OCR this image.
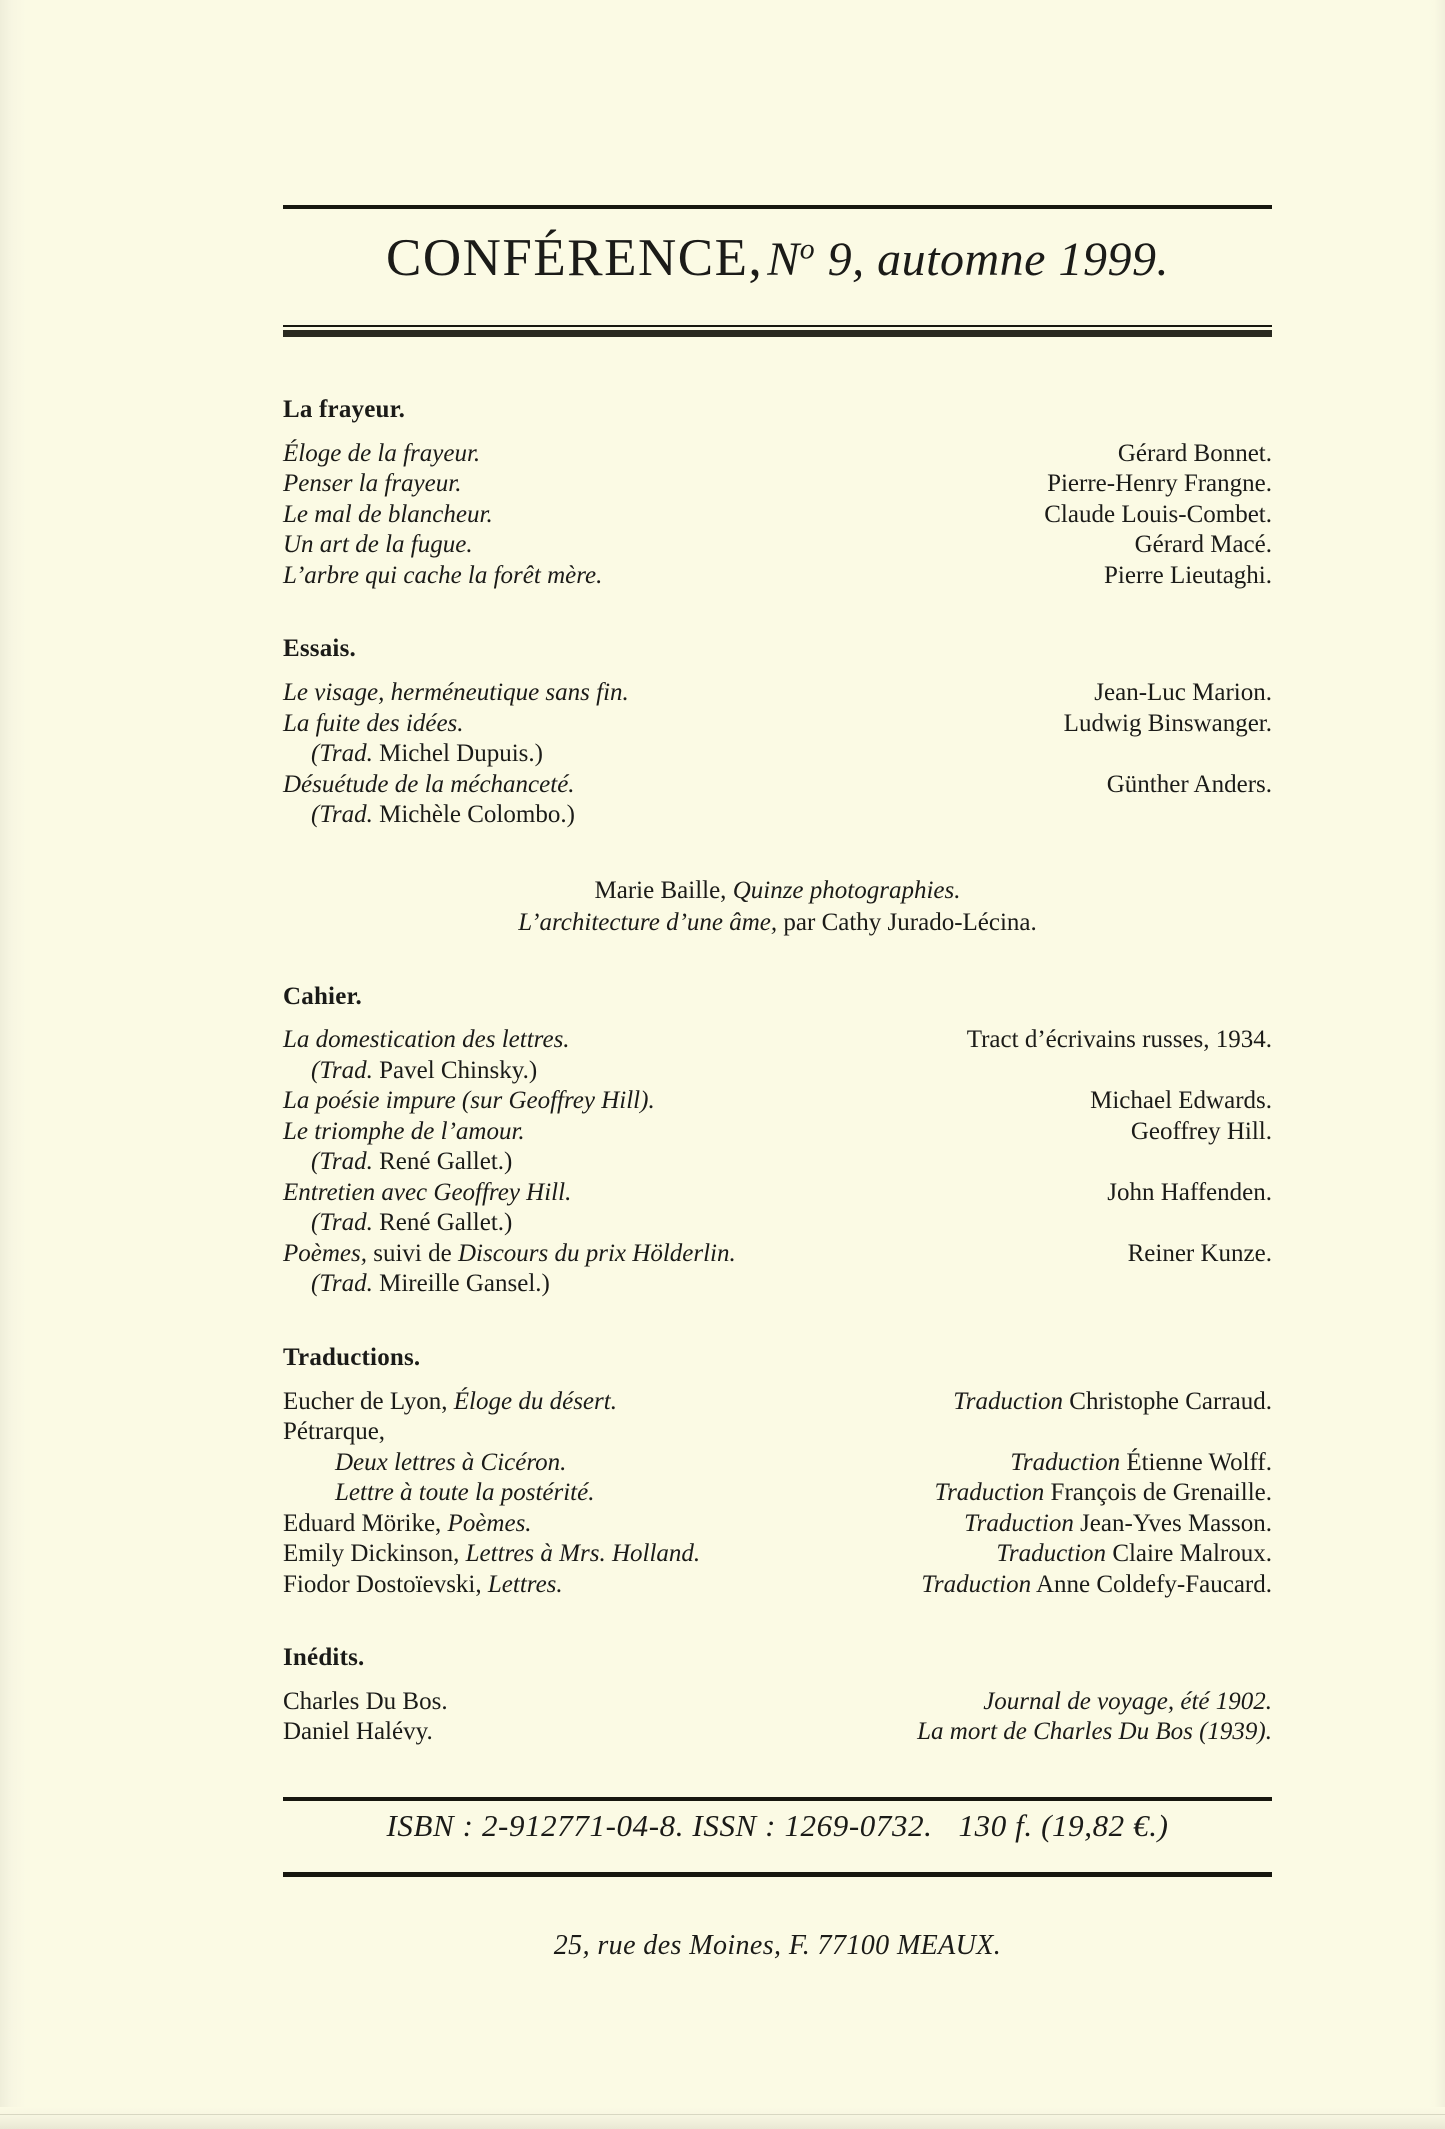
CONFÉRENCE, $N^o$ 9, automne 1999.
La frayeur.
Éloge de la frayeur.	Gérard Bonnet.
Penser la frayeur.	Pierre-Henry Frangne.
Le mal de blancheur.	Claude Louis-Combet.
Un art de la fugue.	Gérard Macé.
L’arbre qui cache la forêt mère.	Pierre Lieutaghi.
Essais.
Le visage, herméneutique sans fin.	Jean-Luc Marion.
La fuite des idées.	Ludwig Binswanger.
(Trad. Michel Dupuis.)
Désuétude de la méchanceté.	Günther Anders.
(Trad. Michèle Colombo.)
Marie Baille, Quinze photographies.
L’architecture d’une âme, par Cathy Jurado-Lécina.
Cahier.
La domestication des lettres.	Tract d’écrivains russes, 1934.
(Trad. Pavel Chinsky.)
La poésie impure (sur Geoffrey Hill).	Michael Edwards.
Le triomphe de l’amour.	Geoffrey Hill.
(Trad. René Gallet.)
Entretien avec Geoffrey Hill.	John Haffenden.
(Trad. René Gallet.)
Poèmes, suivi de Discours du prix Hölderlin.	Reiner Kunze.
(Trad. Mireille Gansel.)
Traductions.
Eucher de Lyon, Éloge du désert.	Traduction Christophe Carraud.
Pétrarque,
Deux lettres à Cicéron.	Traduction Étienne Wolff.
Lettre à toute la postérité.	Traduction François de Grenaille.
Eduard Mörike, Poèmes.	Traduction Jean-Yves Masson.
Emily Dickinson, Lettres à Mrs. Holland.	Traduction Claire Malroux.
Fiodor Dostoïevski, Lettres.	Traduction Anne Coldefy-Faucard.
Inédits.
Charles Du Bos.	Journal de voyage, été 1902.
Daniel Halévy.	La mort de Charles Du Bos (1939).
ISBN : 2-912771-04-8. ISSN : 1269-0732. 130 f. (19,82 €.)
25, rue des Moines, F. 77100 MEAUX.
